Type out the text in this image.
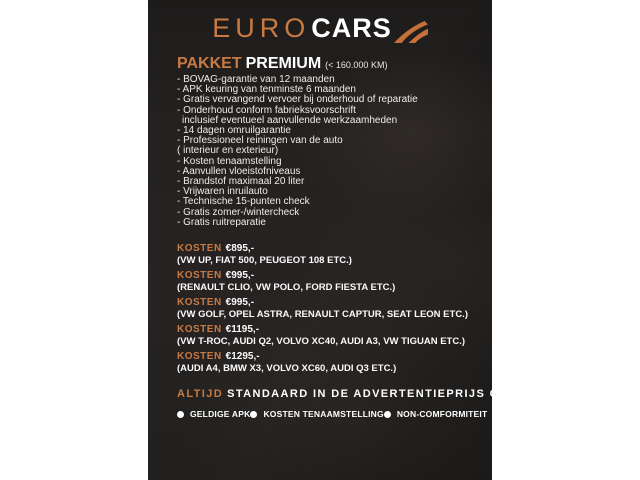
EURO CARS
PAKKET PREMIUM (< 160.000 KM)
- BOVAG-garantie van 12 maanden
- APK keuring van tenminste 6 maanden
- Gratis vervangend vervoer bij onderhoud of reparatie
- Onderhoud conform fabrieksvoorschrift
inclusief eventueel aanvullende werkzaamheden
- 14 dagen omruilgarantie
- Professioneel reiningen van de auto
( interieur en exterieur)
- Kosten tenaamstelling
- Aanvullen vloeistofniveaus
- Brandstof maximaal 20 liter
- Vrijwaren inruilauto
- Technische 15-punten check
- Gratis zomer-/wintercheck
- Gratis ruitreparatie
KOSTEN €895,-
(VW UP, FIAT 500, PEUGEOT 108 ETC.)
KOSTEN €995,-
(RENAULT CLIO, VW POLO, FORD FIESTA ETC.)
KOSTEN €995,-
(VW GOLF, OPEL ASTRA, RENAULT CAPTUR, SEAT LEON ETC.)
KOSTEN €1195,-
(VW T-ROC, AUDI Q2, VOLVO XC40, AUDI A3, VW TIGUAN ETC.)
KOSTEN €1295,-
(AUDI A4, BMW X3, VOLVO XC60, AUDI Q3 ETC.)
ALTIJD STANDAARD IN DE ADVERTENTIEPRIJS OPGENOMEN:
GELDIGE APK KOSTEN TENAAMSTELLING NON-COMFORMITEIT
